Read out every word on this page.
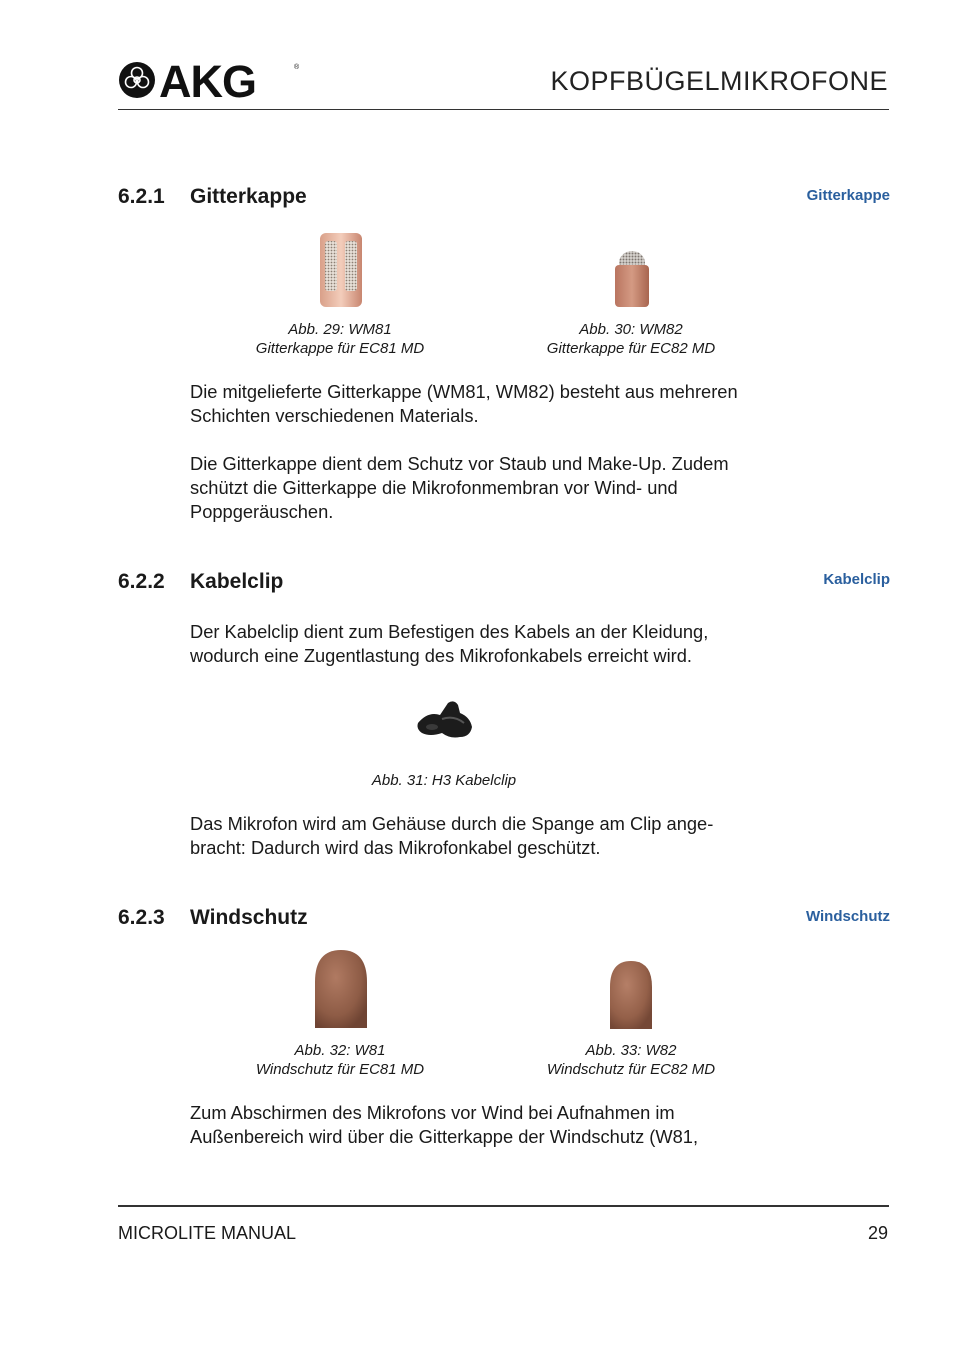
AKG	®	KOPFBÜGELMIKROFONE
6.2.1 Gitterkappe	Gitterkappe
Abb. 29: WM81
Gitterkappe für EC81 MD
Abb. 30: WM82
Gitterkappe für EC82 MD
Die mitgelieferte Gitterkappe (WM81, WM82) besteht aus mehreren
Schichten verschiedenen Materials.
Die Gitterkappe dient dem Schutz vor Staub und Make-Up. Zudem
schützt die Gitterkappe die Mikrofonmembran vor Wind- und
Poppgeräuschen.
6.2.2 Kabelclip	Kabelclip
Der Kabelclip dient zum Befestigen des Kabels an der Kleidung,
wodurch eine Zugentlastung des Mikrofonkabels erreicht wird.
Abb. 31: H3 Kabelclip
Das Mikrofon wird am Gehäuse durch die Spange am Clip ange-
bracht: Dadurch wird das Mikrofonkabel geschützt.
6.2.3 Windschutz	Windschutz
Abb. 32: W81
Windschutz für EC81 MD
Abb. 33: W82
Windschutz für EC82 MD
Zum Abschirmen des Mikrofons vor Wind bei Aufnahmen im
Außenbereich wird über die Gitterkappe der Windschutz (W81,
MICROLITE MANUAL	29
